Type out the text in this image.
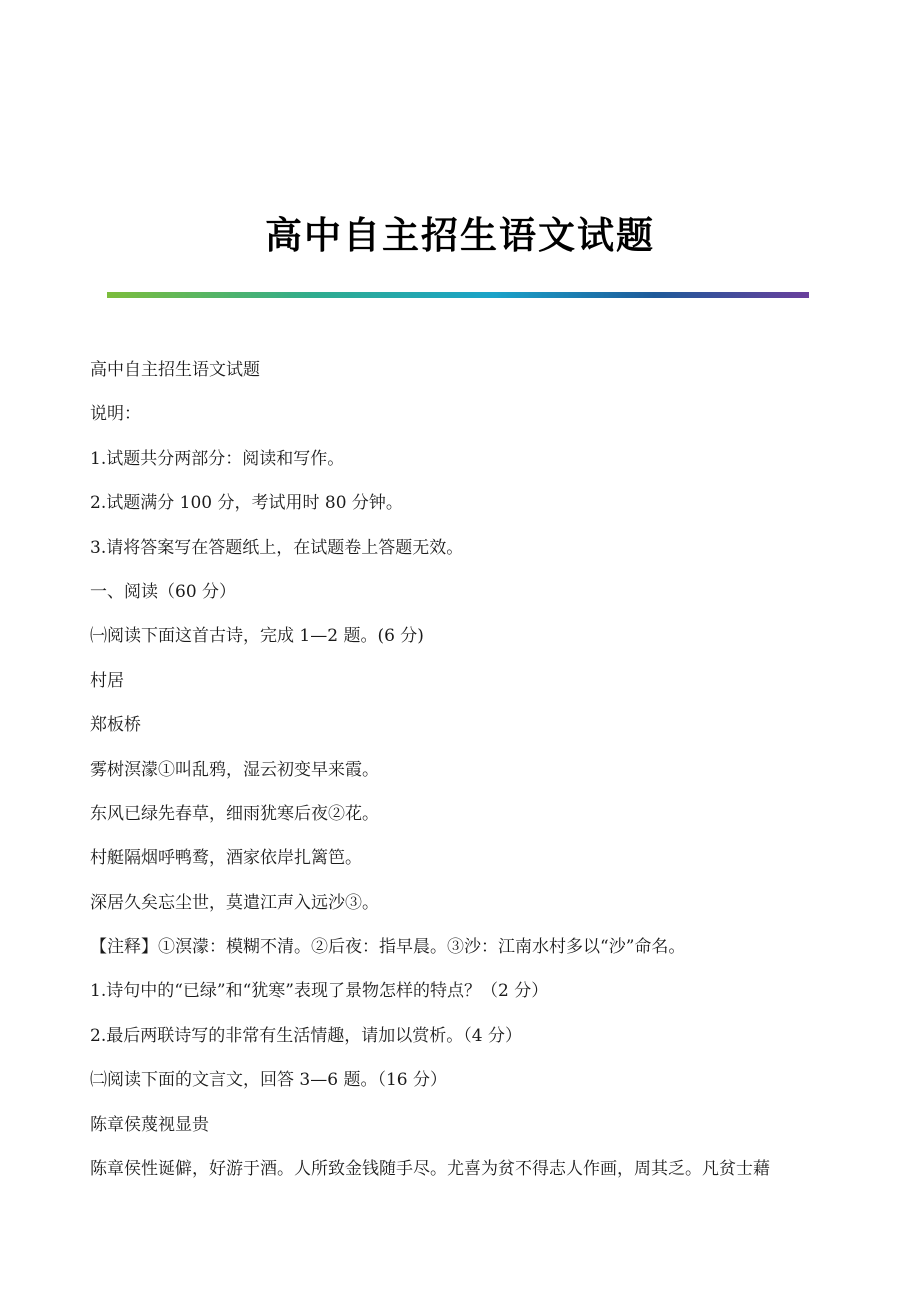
高中自主招生语文试题
高中自主招生语文试题
说明：
1.试题共分两部分：阅读和写作。
2.试题满分 100 分，考试用时 80 分钟。
3.请将答案写在答题纸上，在试题卷上答题无效。
一、阅读（60 分）
㈠阅读下面这首古诗，完成 1—2 题。(6 分)
村居
郑板桥
雾树溟濛①叫乱鸦，湿云初变早来霞。
东风已绿先春草，细雨犹寒后夜②花。
村艇隔烟呼鸭鹜，酒家依岸扎篱笆。
深居久矣忘尘世，莫遣江声入远沙③。
【注释】①溟濛：模糊不清。②后夜：指早晨。③沙：江南水村多以“沙”命名。
1.诗句中的“已绿”和“犹寒”表现了景物怎样的特点？（2 分）
2.最后两联诗写的非常有生活情趣，请加以赏析。（4 分）
㈡阅读下面的文言文，回答 3—6 题。（16 分）
陈章侯蔑视显贵
陈章侯性诞僻，好游于酒。人所致金钱随手尽。尤喜为贫不得志人作画，周其乏。凡贫士藉
